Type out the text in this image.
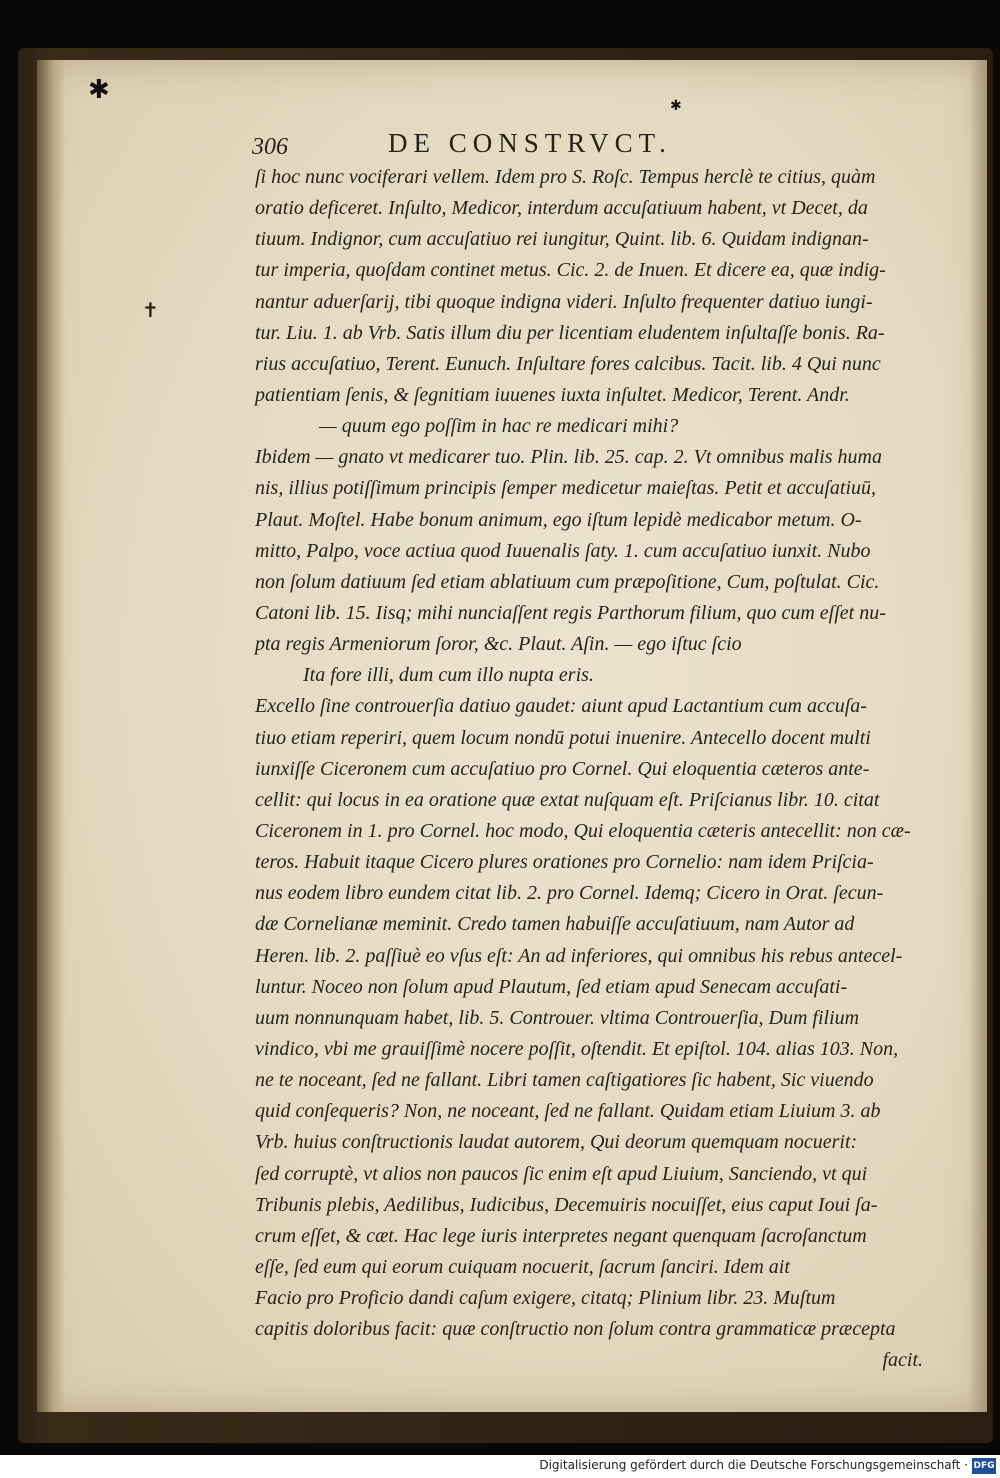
✱
✱
✝
306	DE CONSTRVCT.
ſi hoc nunc vociferari vellem. Idem pro S. Roſc. Tempus herclè te citius, quàm
oratio deficeret. Inſulto, Medicor, interdum accuſatiuum habent, vt Decet, da
tiuum. Indignor, cum accuſatiuo rei iungitur, Quint. lib. 6. Quidam indignan-
tur imperia, quoſdam continet metus. Cic. 2. de Inuen. Et dicere ea, quæ indig-
nantur aduerſarij, tibi quoque indigna videri. Inſulto frequenter datiuo iungi-
tur. Liu. 1. ab Vrb. Satis illum diu per licentiam eludentem inſultaſſe bonis. Ra-
rius accuſatiuo, Terent. Eunuch. Inſultare fores calcibus. Tacit. lib. 4 Qui nunc
patientiam ſenis, & ſegnitiam iuuenes iuxta inſultet. Medicor, Terent. Andr.
— quum ego poſſim in hac re medicari mihi?
Ibidem — gnato vt medicarer tuo. Plin. lib. 25. cap. 2. Vt omnibus malis huma
nis, illius potiſſimum principis ſemper medicetur maieſtas. Petit et accuſatiuū,
Plaut. Moſtel. Habe bonum animum, ego iſtum lepidè medicabor metum. O-
mitto, Palpo, voce actiua quod Iuuenalis ſaty. 1. cum accuſatiuo iunxit. Nubo
non ſolum datiuum ſed etiam ablatiuum cum præpoſitione, Cum, poſtulat. Cic.
Catoni lib. 15. Iisq; mihi nunciaſſent regis Parthorum filium, quo cum eſſet nu-
pta regis Armeniorum ſoror, &c. Plaut. Aſin. — ego iſtuc ſcio
Ita fore illi, dum cum illo nupta eris.
Excello ſine controuerſia datiuo gaudet: aiunt apud Lactantium cum accuſa-
tiuo etiam reperiri, quem locum nondū potui inuenire. Antecello docent multi
iunxiſſe Ciceronem cum accuſatiuo pro Cornel. Qui eloquentia cæteros ante-
cellit: qui locus in ea oratione quæ extat nuſquam eſt. Priſcianus libr. 10. citat
Ciceronem in 1. pro Cornel. hoc modo, Qui eloquentia cæteris antecellit: non cæ-
teros. Habuit itaque Cicero plures orationes pro Cornelio: nam idem Priſcia-
nus eodem libro eundem citat lib. 2. pro Cornel. Idemq; Cicero in Orat. ſecun-
dæ Cornelianæ meminit. Credo tamen habuiſſe accuſatiuum, nam Autor ad
Heren. lib. 2. paſſiuè eo vſus eſt: An ad inferiores, qui omnibus his rebus antecel-
luntur. Noceo non ſolum apud Plautum, ſed etiam apud Senecam accuſati-
uum nonnunquam habet, lib. 5. Controuer. vltima Controuerſia, Dum filium
vindico, vbi me grauiſſimè nocere poſſit, oſtendit. Et epiſtol. 104. alias 103. Non,
ne te noceant, ſed ne fallant. Libri tamen caſtigatiores ſic habent, Sic viuendo
quid conſequeris? Non, ne noceant, ſed ne fallant. Quidam etiam Liuium 3. ab
Vrb. huius conſtructionis laudat autorem, Qui deorum quemquam nocuerit:
ſed corruptè, vt alios non paucos ſic enim eſt apud Liuium, Sanciendo, vt qui
Tribunis plebis, Aedilibus, Iudicibus, Decemuiris nocuiſſet, eius caput Ioui ſa-
crum eſſet, & cæt. Hac lege iuris interpretes negant quenquam ſacroſanctum
eſſe, ſed eum qui eorum cuiquam nocuerit, ſacrum ſanciri. Idem ait
Facio pro Proficio dandi caſum exigere, citatq; Plinium libr. 23. Muſtum
capitis doloribus facit: quæ conſtructio non ſolum contra grammaticæ præcepta
facit.
Digitalisierung gefördert durch die Deutsche Forschungsgemeinschaft · DFG
